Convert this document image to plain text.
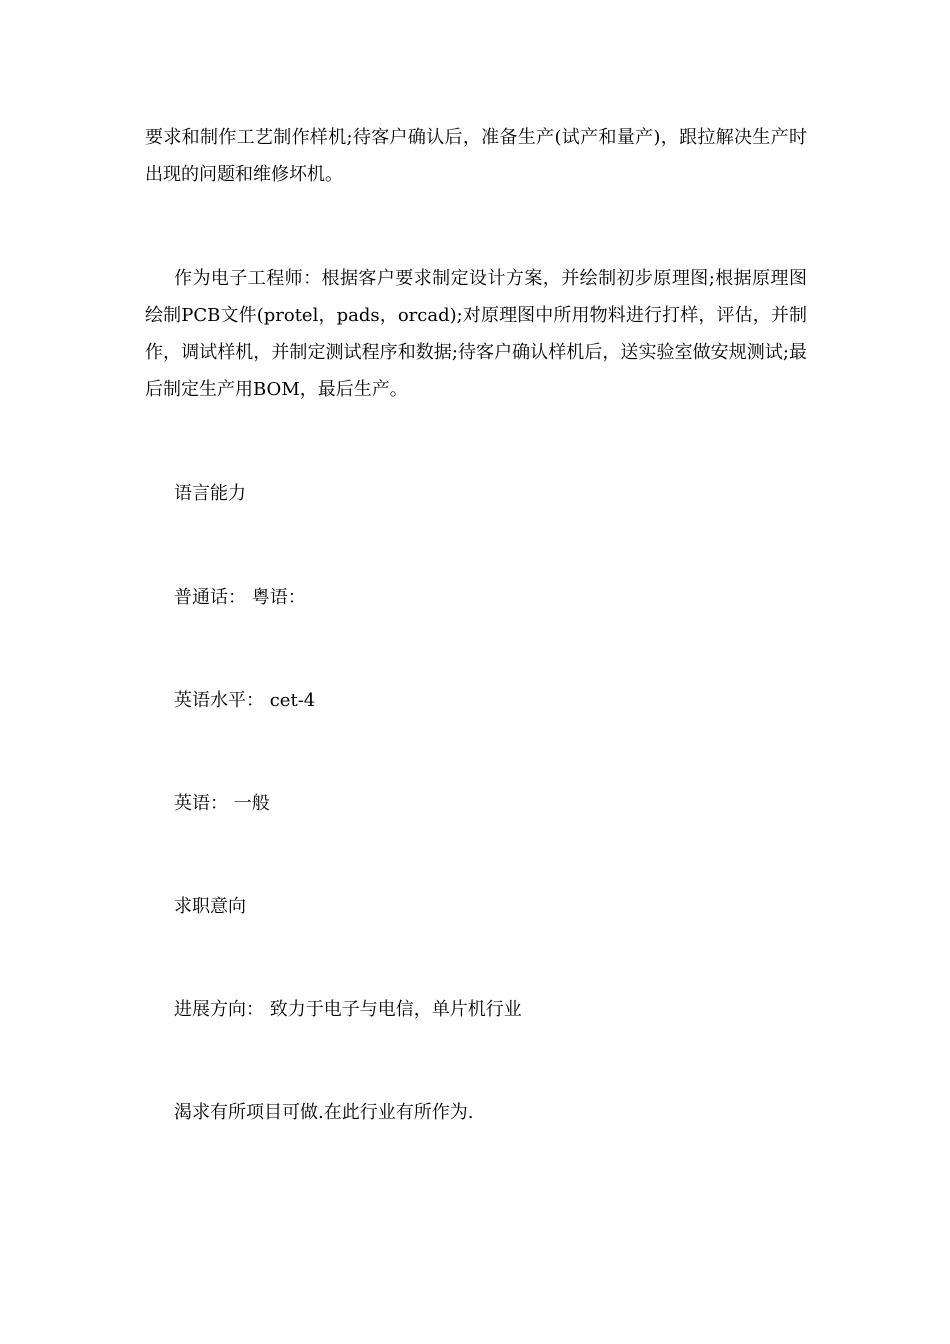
要求和制作工艺制作样机;待客户确认后，准备生产(试产和量产)，跟拉解决生产时出现的问题和维修坏机。

作为电子工程师：根据客户要求制定设计方案，并绘制初步原理图;根据原理图绘制PCB文件(protel，pads，orcad);对原理图中所用物料进行打样，评估，并制作，调试样机，并制定测试程序和数据;待客户确认样机后，送实验室做安规测试;最后制定生产用BOM，最后生产。

语言能力

普通话： 粤语：

英语水平： cet-4

英语： 一般

求职意向

进展方向： 致力于电子与电信，单片机行业

渴求有所项目可做.在此行业有所作为.
